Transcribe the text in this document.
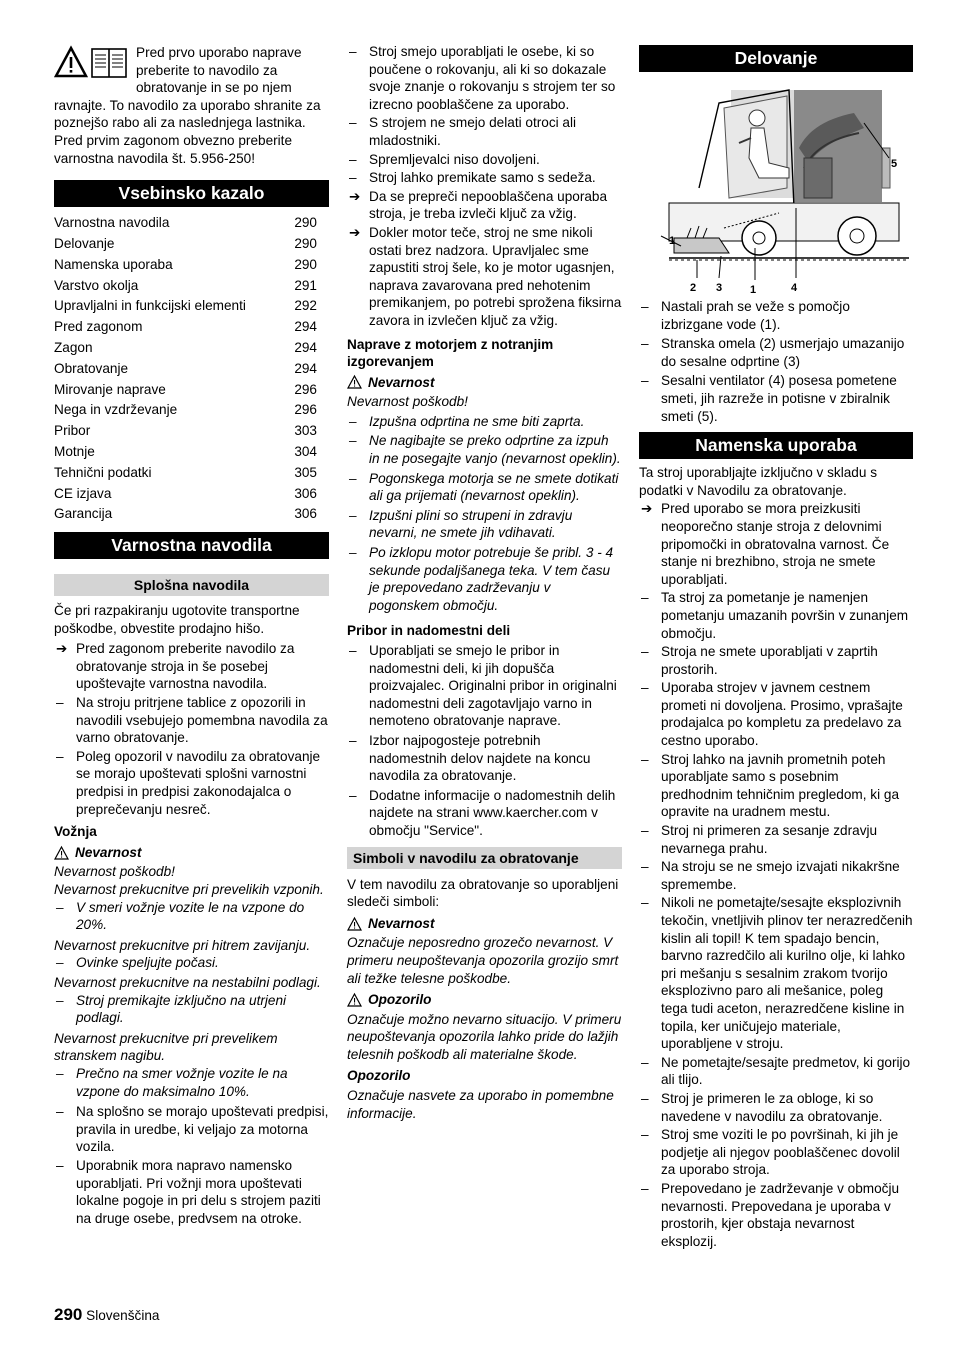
Pred prvo uporabo naprave preberite to navodilo za obratovanje in se po njem ravnajte. To navodilo za uporabo shranite za poznejšo rabo ali za naslednjega lastnika.
Pred prvim zagonom obvezno preberite varnostna navodila št. 5.956-250!
Vsebinsko kazalo
Varnostna navodila	290
Delovanje	290
Namenska uporaba	290
Varstvo okolja	291
Upravljalni in funkcijski elementi	292
Pred zagonom	294
Zagon	294
Obratovanje	294
Mirovanje naprave	296
Nega in vzdrževanje	296
Pribor	303
Motnje	304
Tehnični podatki	305
CE izjava	306
Garancija	306
Varnostna navodila
Splošna navodila

Če pri razpakiranju ugotovite transportne poškodbe, obvestite prodajno hišo.

➔ Pred zagonom preberite navodilo za obratovanje stroja in še posebej upoštevajte varnostna navodila.
– Na stroju pritrjene tablice z opozorili in navodili vsebujejo pomembna navodila za varno obratovanje.
– Poleg opozoril v navodilu za obratovanje se morajo upoštevati splošni varnostni predpisi in predpisi zakonodajalca o preprečevanju nesreč.

Vožnja

Nevarnost

Nevarnost poškodb!

Nevarnost prekucnitve pri prevelikih vzponih.

– V smeri vožnje vozite le na vzpone do 20%.

Nevarnost prekucnitve pri hitrem zavijanju.

– Ovinke speljujte počasi.

Nevarnost prekucnitve na nestabilni podlagi.

– Stroj premikajte izključno na utrjeni podlagi.

Nevarnost prekucnitve pri prevelikem stranskem nagibu.

– Prečno na smer vožnje vozite le na vzpone do maksimalno 10%.
– Na splošno se morajo upoštevati predpisi, pravila in uredbe, ki veljajo za motorna vozila.
– Uporabnik mora napravo namensko uporabljati. Pri vožnji mora upoštevati lokalne pogoje in pri delu s strojem paziti na druge osebe, predvsem na otroke.
– Stroj smejo uporabljati le osebe, ki so poučene o rokovanju, ali ki so dokazale svoje znanje o rokovanju s strojem ter so izrecno pooblaščene za uporabo.
– S strojem ne smejo delati otroci ali mladostniki.
– Spremljevalci niso dovoljeni.
– Stroj lahko premikate samo s sedeža.
➔ Da se prepreči nepooblaščena uporaba stroja, je treba izvleči ključ za vžig.
➔ Dokler motor teče, stroj ne sme nikoli ostati brez nadzora. Upravljalec sme zapustiti stroj šele, ko je motor ugasnjen, naprava zavarovana pred nehotenim premikanjem, po potrebi sprožena fiksirna zavora in izvlečen ključ za vžig.

Naprave z motorjem z notranjim izgorevanjem

Nevarnost

Nevarnost poškodb!

– Izpušna odprtina ne sme biti zaprta.
– Ne nagibajte se preko odprtine za izpuh in ne posegajte vanjo (nevarnost opeklin).
– Pogonskega motorja se ne smete dotikati ali ga prijemati (nevarnost opeklin).
– Izpušni plini so strupeni in zdravju nevarni, ne smete jih vdihavati.
– Po izklopu motor potrebuje še pribl. 3 - 4 sekunde podaljšanega teka. V tem času je prepovedano zadrževanju v pogonskem območju.

Pribor in nadomestni deli

– Uporabljati se smejo le pribor in nadomestni deli, ki jih dopušča proizvajalec. Originalni pribor in originalni nadomestni deli zagotavljajo varno in nemoteno obratovanje naprave.
– Izbor najpogosteje potrebnih nadomestnih delov najdete na koncu navodila za obratovanje.
– Dodatne informacije o nadomestnih delih najdete na strani www.kaercher.com v območju "Service".
Simboli v navodilu za obratovanje

V tem navodilu za obratovanje so uporabljeni sledeči simboli:

Nevarnost

Označuje neposredno grozečo nevarnost. V primeru neupoštevanja opozorila grozijo smrt ali težke telesne poškodbe.

Opozorilo

Označuje možno nevarno situacijo. V primeru neupoštevanja opozorila lahko pride do lažjih telesnih poškodb ali materialne škode.

Opozorilo

Označuje nasvete za uporabo in pomembne informacije.

Delovanje
5
1
2 3	1	4
– Nastali prah se veže s pomočjo izbrizgane vode (1).
– Stranska omela (2) usmerjajo umazanijo do sesalne odprtine (3)
– Sesalni ventilator (4) posesa pometene smeti, jih razreže in potisne v zbiralnik smeti (5).
Namenska uporaba

Ta stroj uporabljajte izključno v skladu s podatki v Navodilu za obratovanje.

➔ Pred uporabo se mora preizkusiti neoporečno stanje stroja z delovnimi pripomočki in obratovalna varnost. Če stanje ni brezhibno, stroja ne smete uporabljati.
– Ta stroj za pometanje je namenjen pometanju umazanih površin v zunanjem območju.
– Stroja ne smete uporabljati v zaprtih prostorih.
– Uporaba strojev v javnem cestnem prometi ni dovoljena. Prosimo, vprašajte prodajalca po kompletu za predelavo za cestno uporabo.
– Stroj lahko na javnih prometnih poteh uporabljate samo s posebnim predhodnim tehničnim pregledom, ki ga opravite na uradnem mestu.
– Stroj ni primeren za sesanje zdravju nevarnega prahu.
– Na stroju se ne smejo izvajati nikakršne spremembe.
– Nikoli ne pometajte/sesajte eksplozivnih tekočin, vnetljivih plinov ter nerazredčenih kislin ali topil! K tem spadajo bencin, barvno razredčilo ali kurilno olje, ki lahko pri mešanju s sesalnim zrakom tvorijo eksplozivno paro ali mešanice, poleg tega tudi aceton, nerazredčene kisline in topila, ker uničujejo materiale, uporabljene v stroju.
– Ne pometajte/sesajte predmetov, ki gorijo ali tlijo.
– Stroj je primeren le za obloge, ki so navedene v navodilu za obratovanje.
– Stroj sme voziti le po površinah, ki jih je podjetje ali njegov pooblaščenec dovolil za uporabo stroja.
– Prepovedano je zadrževanje v območju nevarnosti. Prepovedana je uporaba v prostorih, kjer obstaja nevarnost eksplozij.
290 Slovenščina
